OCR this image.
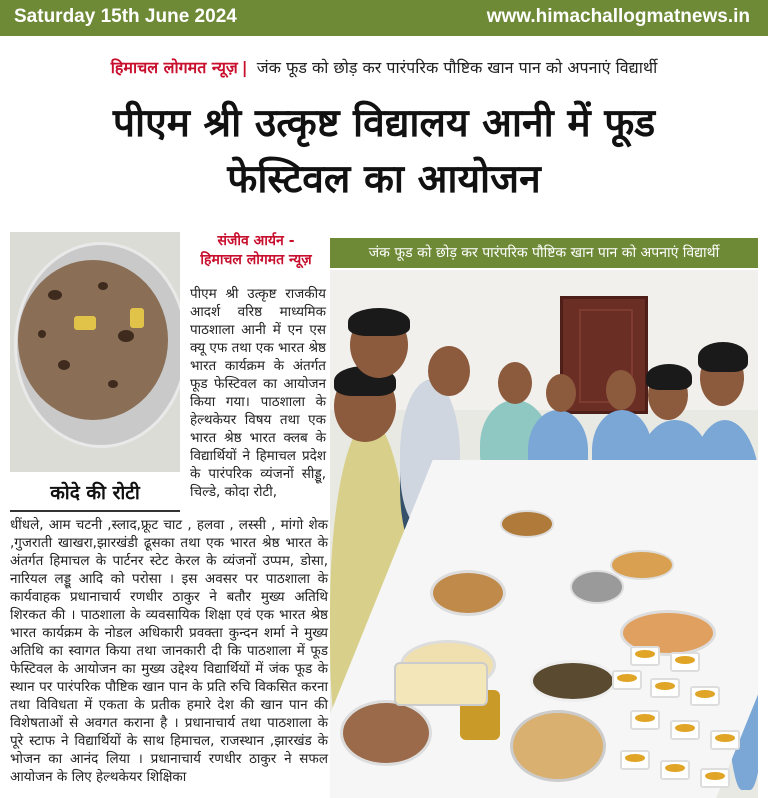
Saturday 15th June 2024	www.himachallogmatnews.in
हिमाचल लोगमत न्यूज़ | जंक फूड को छोड़ कर पारंपरिक पौष्टिक खान पान को अपनाएं विद्यार्थी
पीएम श्री उत्कृष्ट विद्यालय आनी में फूड
फेस्टिवल का आयोजन
कोदे की रोटी
संजीव आर्यन -
हिमाचल लोगमत न्यूज़
पीएम श्री उत्कृष्ट राजकीय आदर्श वरिष्ठ माध्यमिक पाठशाला आनी में एन एस क्यू एफ तथा एक भारत श्रेष्ठ भारत कार्यक्रम के अंतर्गत फूड फेस्टिवल का आयोजन किया गया। पाठशाला के हेल्थकेयर विषय तथा एक भारत श्रेष्ठ भारत क्लब के विद्यार्थियों ने हिमाचल प्रदेश के पारंपरिक व्यंजनों सीड्डू, चिल्डे, कोदा रोटी,
धींधले, आम चटनी ,स्लाद,फ्रूट चाट , हलवा , लस्सी , मांगो शेक ,गुजराती खाखरा,झारखंडी ढूसका तथा एक भारत श्रेष्ठ भारत के अंतर्गत हिमाचल के पार्टनर स्टेट केरल के व्यंजनों उप्पम, डोसा, नारियल लड्डू आदि को परोसा । इस अवसर पर पाठशाला के कार्यवाहक प्रधानाचार्य रणधीर ठाकुर ने बतौर मुख्य अतिथि शिरकत की । पाठशाला के व्यवसायिक शिक्षा एवं एक भारत श्रेष्ठ भारत कार्यक्रम के नोडल अधिकारी प्रवक्ता कुन्दन शर्मा ने मुख्य अतिथि का स्वागत किया तथा जानकारी दी कि पाठशाला में फूड फेस्टिवल के आयोजन का मुख्य उद्देश्य विद्यार्थियों में जंक फूड के स्थान पर पारंपरिक पौष्टिक खान पान के प्रति रुचि विकसित करना तथा विविधता में एकता के प्रतीक हमारे देश की खान पान की विशेषताओं से अवगत कराना है । प्रधानाचार्य तथा पाठशाला के पूरे स्टाफ ने विद्यार्थियों के साथ हिमाचल, राजस्थान ,झारखंड के भोजन का आनंद लिया । प्रधानाचार्य रणधीर ठाकुर ने सफल आयोजन के लिए हेल्थकेयर शिक्षिका
जंक फूड को छोड़ कर पारंपरिक पौष्टिक खान पान को अपनाएं विद्यार्थी
